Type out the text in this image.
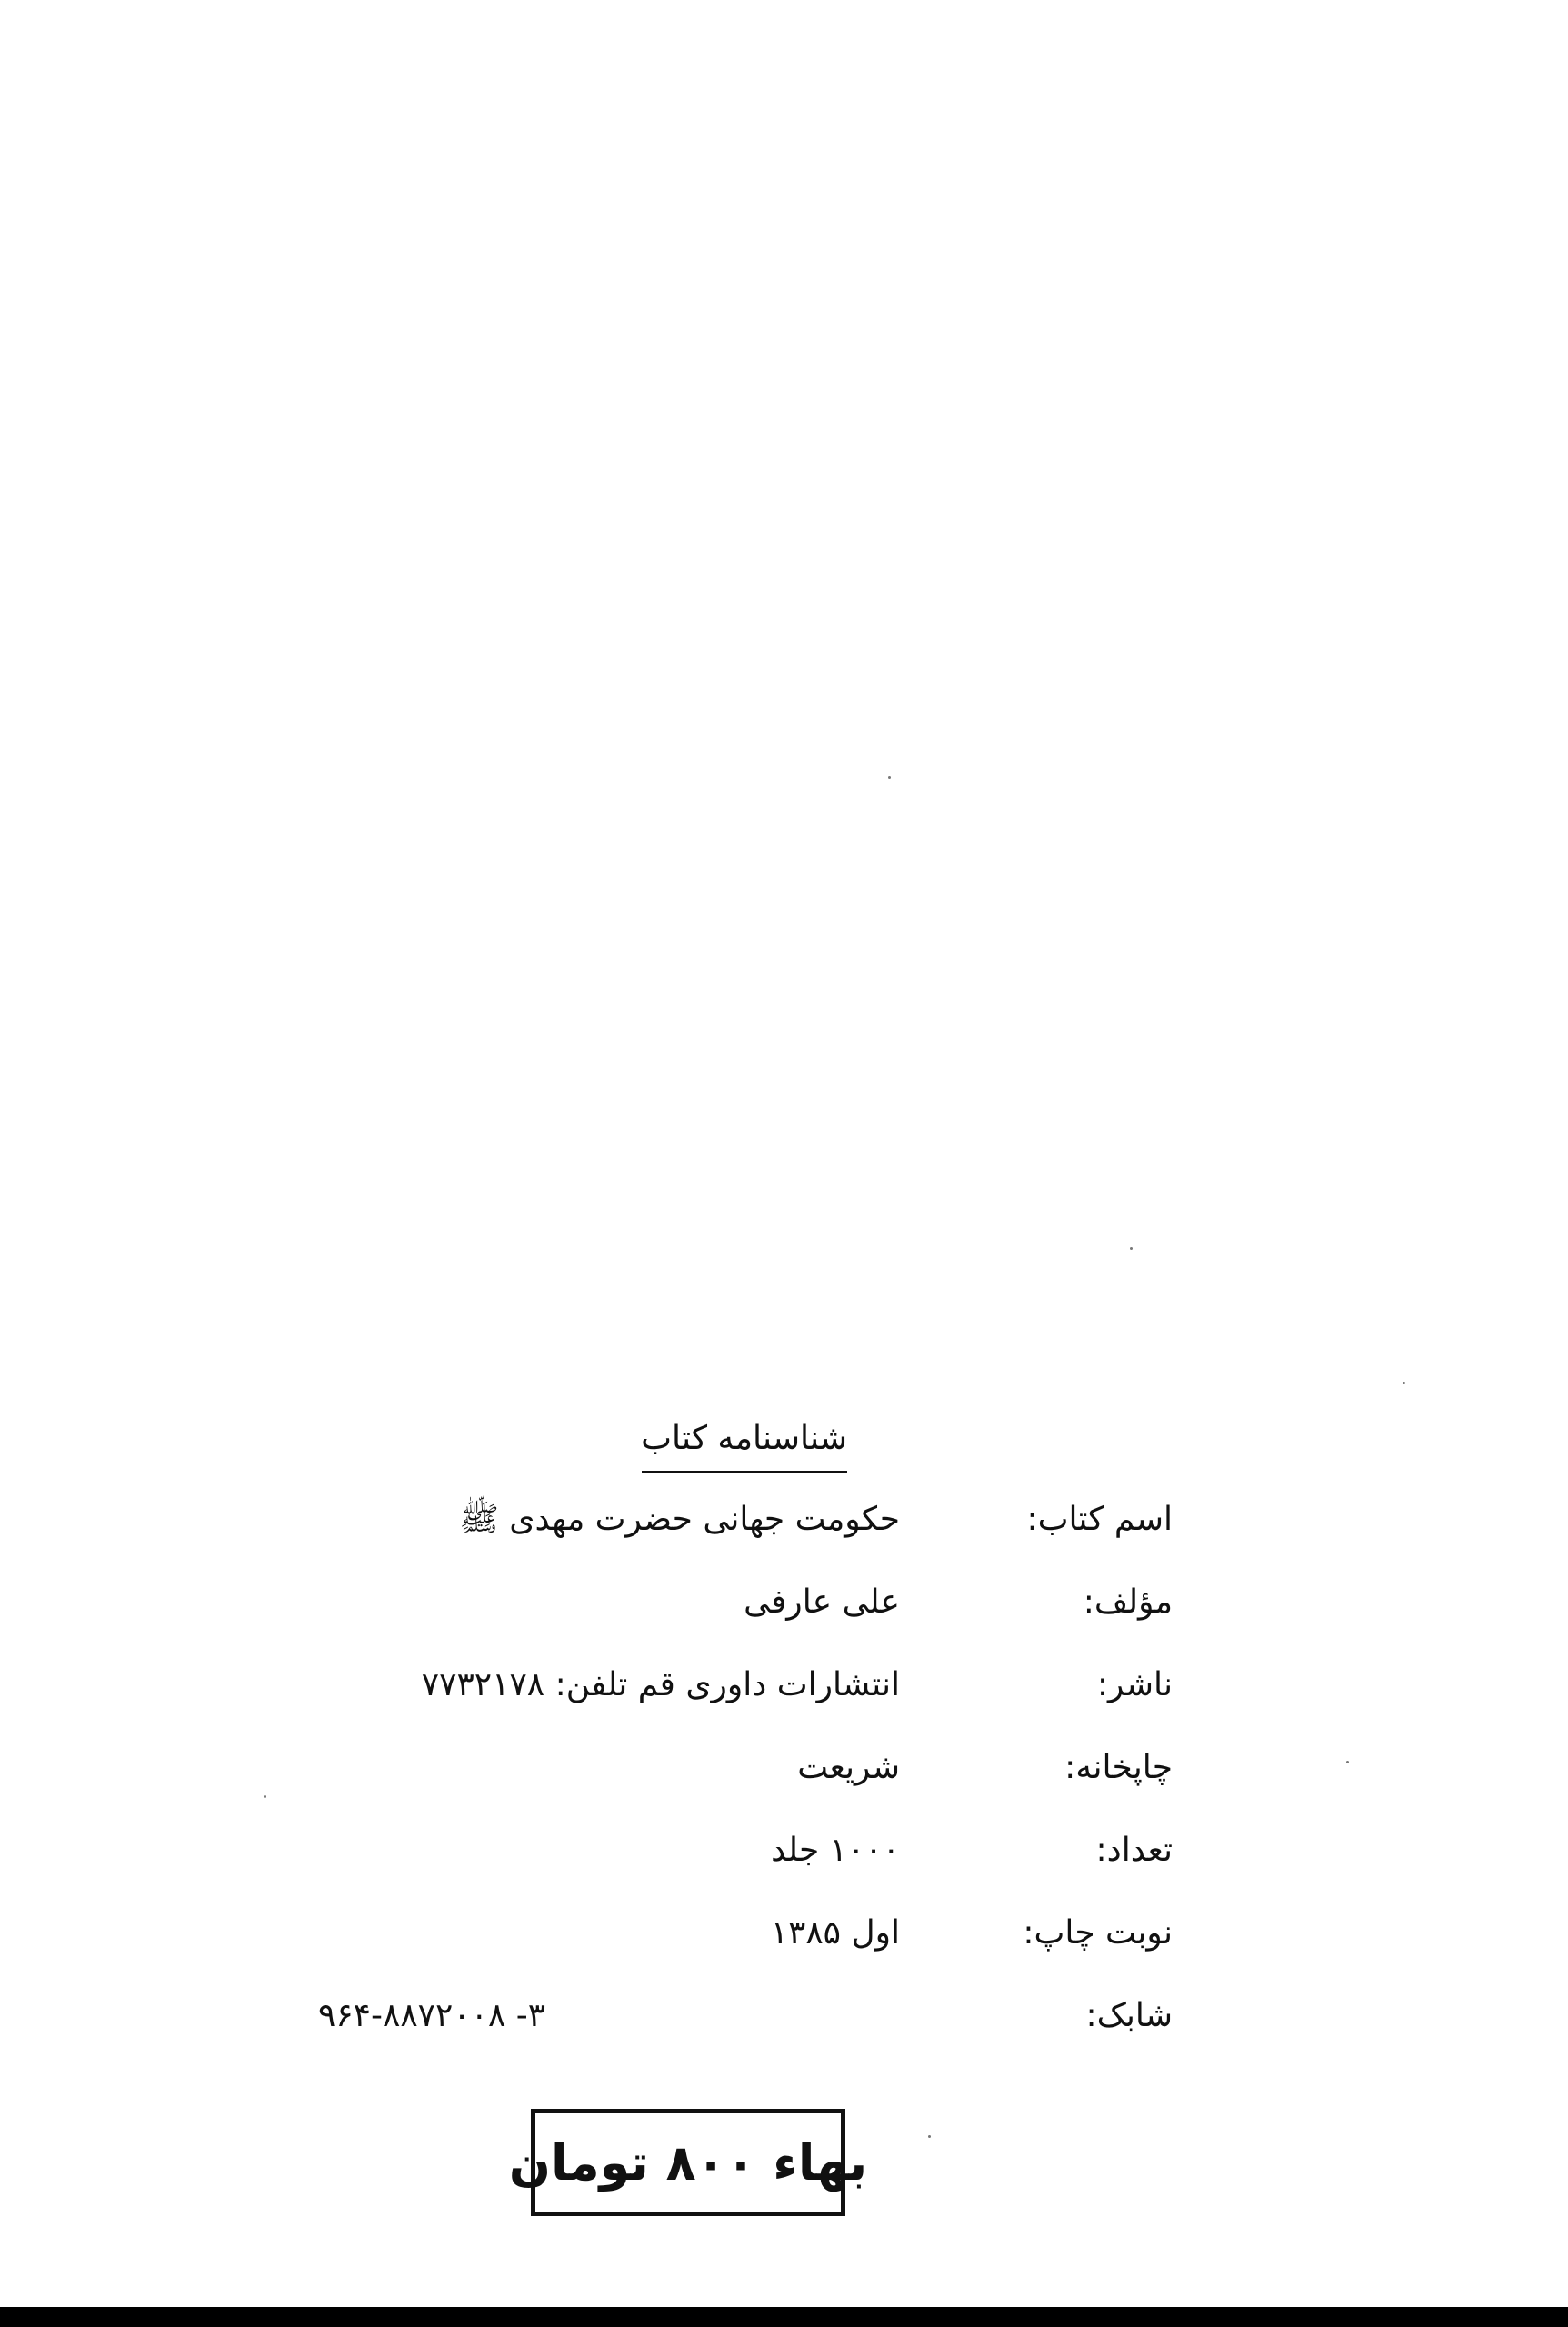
شناسنامه کتاب
اسم کتاب:
حکومت جهانی حضرت مهدی ﷺ
مؤلف:
علی عارفی
ناشر:
انتشارات داوری قم تلفن: ۷۷۳۲۱۷۸
چاپخانه:
شریعت
تعداد:
۱۰۰۰ جلد
نوبت چاپ:
اول ۱۳۸۵
شابک:
۹۶۴-۸۸۷۲۰۰۸ -۳
بهاء ۸۰۰ تومان
